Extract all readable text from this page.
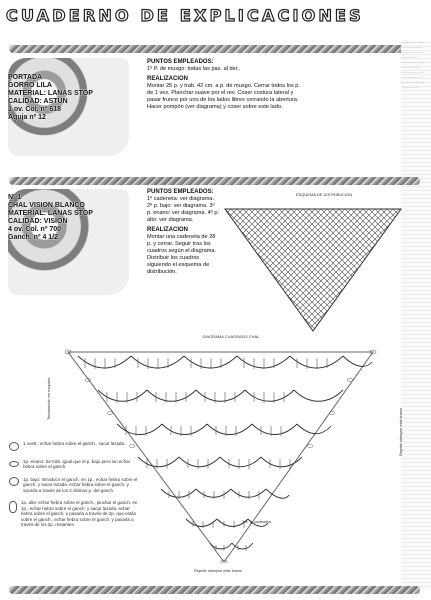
CUADERNO DE EXPLICACIONES
~~~~~~~~~~
~~~~~~~~~
~~~~~~~~~~
~~~~~~~
~~~~~~~~~~
~~~~~~~~
~~~~~~~~~~
~~~~~~~~~
~~~~~~~~~~
~~~~~~~~
PORTADA
GORRO LILA
MATERIAL: LANAS STOP
CALIDAD: ASTUN
1 ov. Col. nº 618
Aguja nº 12
PUNTOS EMPLEADOS:
1º P. de musgo: todas las pas. al der..
REALIZACION
Montar 25 p. y trab. 42 cm. a p. de musgo. Cerrar todos los p. de 1 vez. Planchar suave por el rev. Coser costura lateral y pasar frunce por uno de los lados libres cerrando la abertura. Hacer pompón (ver diagrama) y coser sobre este lado.
Nº 1
CHAL VISION BLANCO
MATERIAL: LANAS STOP
CALIDAD: VISION
4 ov. Col. nº 700
Ganch. nº 4 1/2
PUNTOS EMPLEADOS:
1º cadeneta: ver diagrama. 2º p. bajo: ver diagrama. 3º p. enano: ver diagrama. 4º p. alto: ver diagrama.
REALIZACION
Montar una cadeneta de 28 p. y cerrar. Seguir tras los cuadros según el diagrama. Distribuir los cuadros siguiendo el esquema de distribución.
ESQUEMA DE DISTRIBUCION
DIAGRAMA CUADRADO CHAL
Terminación en esquina
Repetir siempre este tramo
Repetir siempre este tramo
1er. p. cadeneta
1 vuelt.: echar hebra sobre el ganch., sacar lazada.
1p. enano: Se trab. igual que el p. bajo pero sin echar hebra sobre el ganch.
1p. bajo: Introducir el ganch. en 1p., echar hebra sobre el ganch. y sacar lazada. echar hebra sobre el ganch. y sacarla a través de los 2 últimos p. del ganch.
1p. alto: echar hebra sobre el ganch., pinchar el ganch. en 1p., echar hebra sobre el ganch. y sacar lazada. echar hebra sobre el ganch. y pasarla a través de 2p. que están sobre el ganch., echar hebra sobre el ganch. y pasarla a través de los 2p. restantes.
